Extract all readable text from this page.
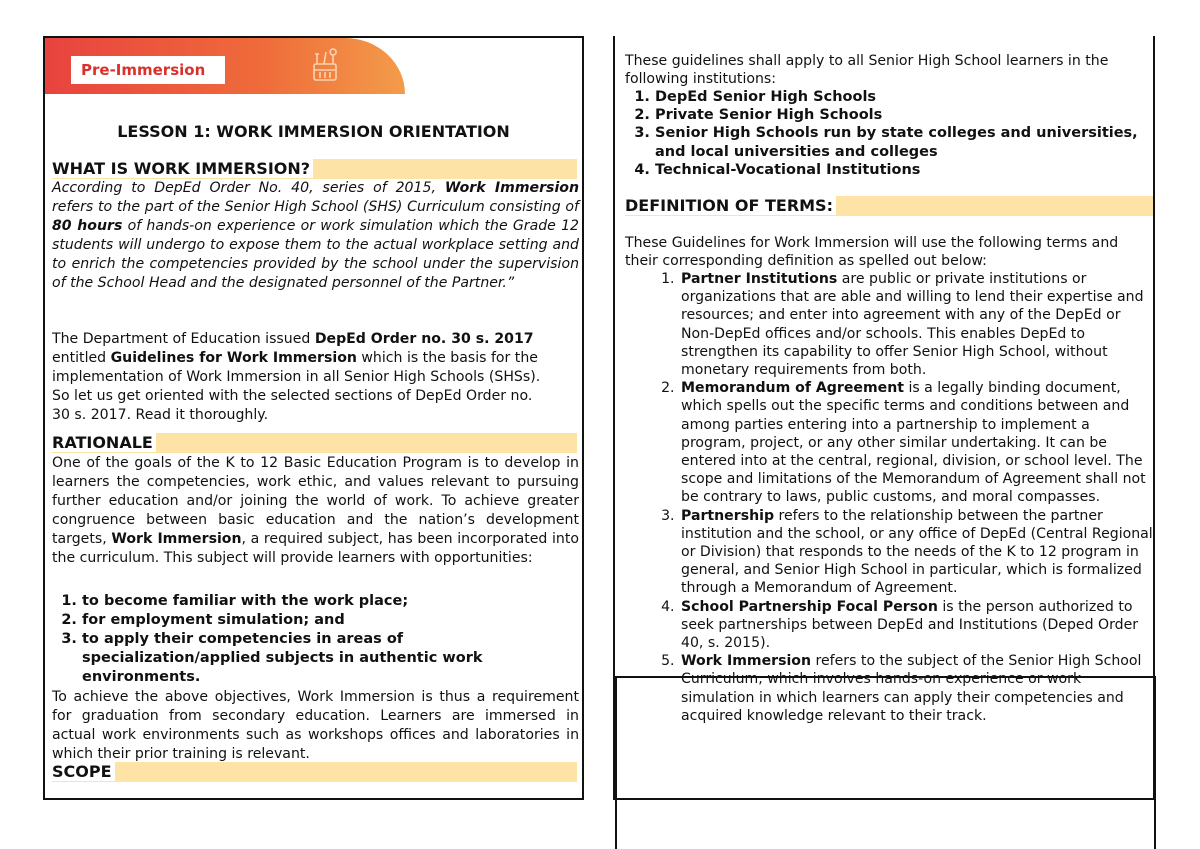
Pre-Immersion
LESSON 1: WORK IMMERSION ORIENTATION
WHAT IS WORK IMMERSION?
According to DepEd Order No. 40, series of 2015, Work Immersion refers to the part of the Senior High School (SHS) Curriculum consisting of 80 hours of hands-on experience or work simulation which the Grade 12 students will undergo to expose them to the actual workplace setting and to enrich the competencies provided by the school under the supervision of the School Head and the designated personnel of the Partner.”
The Department of Education issued DepEd Order no. 30 s. 2017 entitled Guidelines for Work Immersion which is the basis for the implementation of Work Immersion in all Senior High Schools (SHSs). So let us get oriented with the selected sections of DepEd Order no. 30 s. 2017. Read it thoroughly.
RATIONALE
One of the goals of the K to 12 Basic Education Program is to develop in learners the competencies, work ethic, and values relevant to pursuing further education and/or joining the world of work. To achieve greater congruence between basic education and the nation’s development targets, Work Immersion, a required subject, has been incorporated into the curriculum. This subject will provide learners with opportunities:
1. to become familiar with the work place;
2. for employment simulation; and
3. to apply their competencies in areas of specialization/applied subjects in authentic work environments.
To achieve the above objectives, Work Immersion is thus a requirement for graduation from secondary education. Learners are immersed in actual work environments such as workshops offices and laboratories in which their prior training is relevant.
SCOPE
These guidelines shall apply to all Senior High School learners in the following institutions:
1. DepEd Senior High Schools
2. Private Senior High Schools
3. Senior High Schools run by state colleges and universities, and local universities and colleges
4. Technical-Vocational Institutions
DEFINITION OF TERMS:
These Guidelines for Work Immersion will use the following terms and their corresponding definition as spelled out below:
1. Partner Institutions are public or private institutions or organizations that are able and willing to lend their expertise and resources; and enter into agreement with any of the DepEd or Non-DepEd offices and/or schools. This enables DepEd to strengthen its capability to offer Senior High School, without monetary requirements from both.
2. Memorandum of Agreement is a legally binding document, which spells out the specific terms and conditions between and among parties entering into a partnership to implement a program, project, or any other similar undertaking. It can be entered into at the central, regional, division, or school level. The scope and limitations of the Memorandum of Agreement shall not be contrary to laws, public customs, and moral compasses.
3. Partnership refers to the relationship between the partner institution and the school, or any office of DepEd (Central Regional or Division) that responds to the needs of the K to 12 program in general, and Senior High School in particular, which is formalized through a Memorandum of Agreement.
4. School Partnership Focal Person is the person authorized to seek partnerships between DepEd and Institutions (Deped Order 40, s. 2015).
5. Work Immersion refers to the subject of the Senior High School Curriculum, which involves hands-on experience or work simulation in which learners can apply their competencies and acquired knowledge relevant to their track.
